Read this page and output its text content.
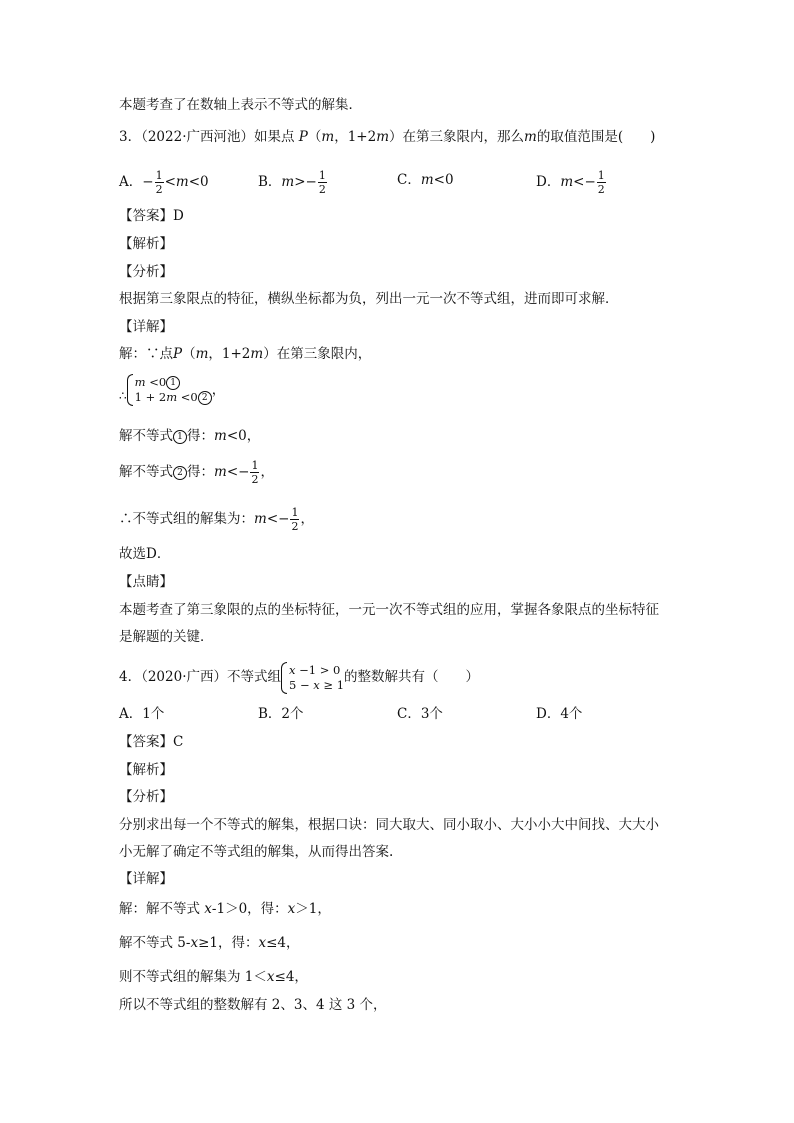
本题考查了在数轴上表示不等式的解集．
3．（2022·广西河池）如果点 P（m，1+2m）在第三象限内，那么m的取值范围是(　　)
A．− $\frac{1}{2} <m<0$	B．$m>- \frac{1}{2}$	C．m<0	D．$m<- \frac{1}{2}$
【答案】D
【解析】
【分析】
根据第三象限点的特征，横纵坐标都为负，列出一元一次不等式组，进而即可求解．
【详解】
解：∵点P（m，1+2m）在第三象限内，
∴
m <0 1
1 + 2m <0 2 ，
解不等式 1 得：m<0，
解不等式 2 得：$m<- \frac{1}{2}$ ，
∴不等式组的解集为：$m<- \frac{1}{2}$ ，
故选D．
【点睛】
本题考查了第三象限的点的坐标特征，一元一次不等式组的应用，掌握各象限点的坐标特征
是解题的关键．
4．（2020·广西）不等式组 x −1 > 0
5 − x ≥ 1 的整数解共有（　　）
A．1个	B．2个	C．3个	D．4个
【答案】C
【解析】
【分析】
分别求出每一个不等式的解集，根据口诀：同大取大、同小取小、大小小大中间找、大大小
小无解了确定不等式组的解集，从而得出答案.
【详解】
解：解不等式 x-1＞0，得：x＞1，
解不等式 5-x≥1，得：x≤4，
则不等式组的解集为 1＜x≤4，
所以不等式组的整数解有 2、3、4 这 3 个，
